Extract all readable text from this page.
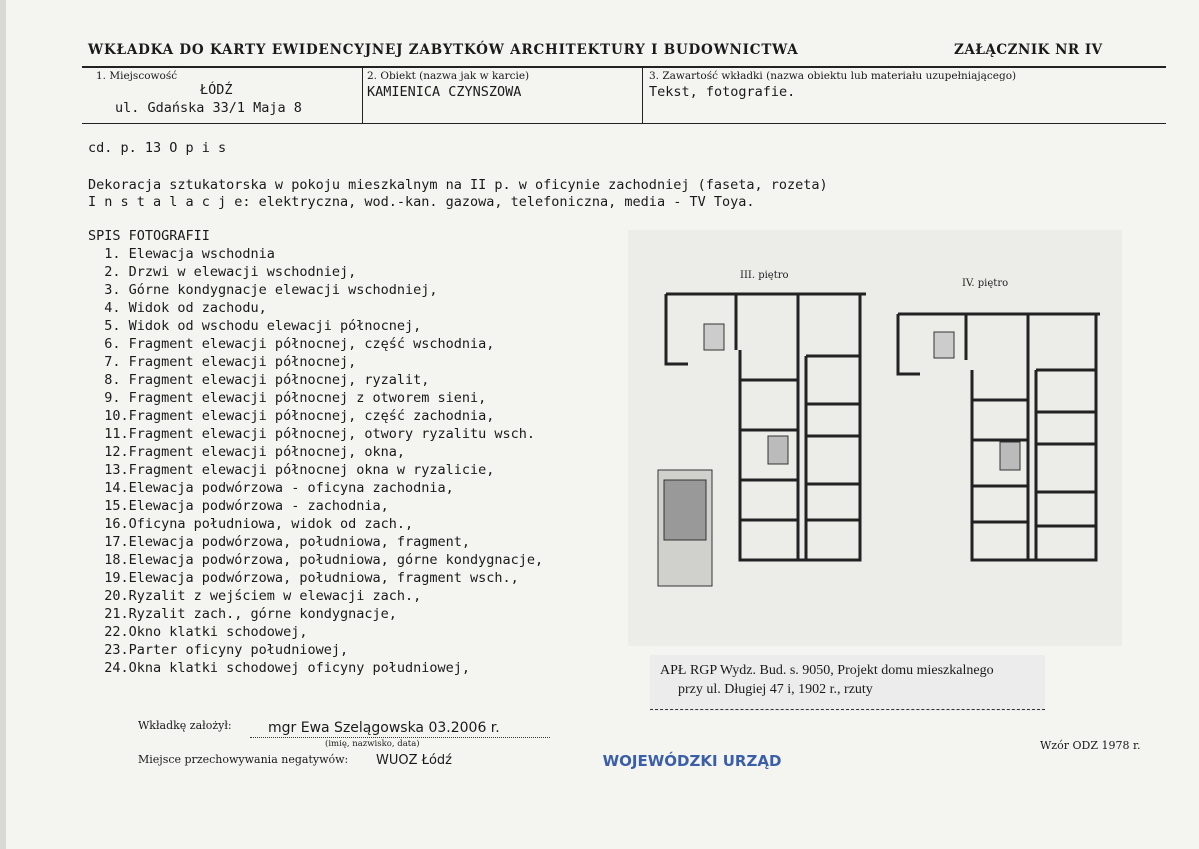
WKŁADKA DO KARTY EWIDENCYJNEJ ZABYTKÓW ARCHITEKTURY I BUDOWNICTWA	ZAŁĄCZNIK NR IV
1. Miejscowość
ŁÓDŹ
ul. Gdańska 33/1 Maja 8
2. Obiekt (nazwa jak w karcie)
KAMIENICA CZYNSZOWA
3. Zawartość wkładki (nazwa obiektu lub materiału uzupełniającego)
Tekst, fotografie.
cd. p. 13 O p i s
Dekoracja sztukatorska w pokoju mieszkalnym na II p. w oficynie zachodniej (faseta, rozeta)
I n s t a l a c j e: elektryczna, wod.-kan. gazowa, telefoniczna, media - TV Toya.
SPIS FOTOGRAFII
1. Elewacja wschodnia
2. Drzwi w elewacji wschodniej,
3. Górne kondygnacje elewacji wschodniej,
4. Widok od zachodu,
5. Widok od wschodu elewacji północnej,
6. Fragment elewacji północnej, część wschodnia,
7. Fragment elewacji północnej,
8. Fragment elewacji północnej, ryzalit,
9. Fragment elewacji północnej z otworem sieni,
10.Fragment elewacji północnej, część zachodnia,
11.Fragment elewacji północnej, otwory ryzalitu wsch.
12.Fragment elewacji północnej, okna,
13.Fragment elewacji północnej okna w ryzalicie,
14.Elewacja podwórzowa - oficyna zachodnia,
15.Elewacja podwórzowa - zachodnia,
16.Oficyna południowa, widok od zach.,
17.Elewacja podwórzowa, południowa, fragment,
18.Elewacja podwórzowa, południowa, górne kondygnacje,
19.Elewacja podwórzowa, południowa, fragment wsch.,
20.Ryzalit z wejściem w elewacji zach.,
21.Ryzalit zach., górne kondygnacje,
22.Okno klatki schodowej,
23.Parter oficyny południowej,
24.Okna klatki schodowej oficyny południowej,
III. piętro
IV. piętro
APŁ RGP Wydz. Bud. s. 9050, Projekt domu mieszkalnego
przy ul. Długiej 47 i, 1902 r., rzuty
Wkładkę założył:	mgr Ewa Szelągowska 03.2006 r.
(imię, nazwisko, data)
Miejsce przechowywania negatywów: WUOZ Łódź
Wzór ODZ 1978 r.
WOJEWÓDZKI URZĄD
